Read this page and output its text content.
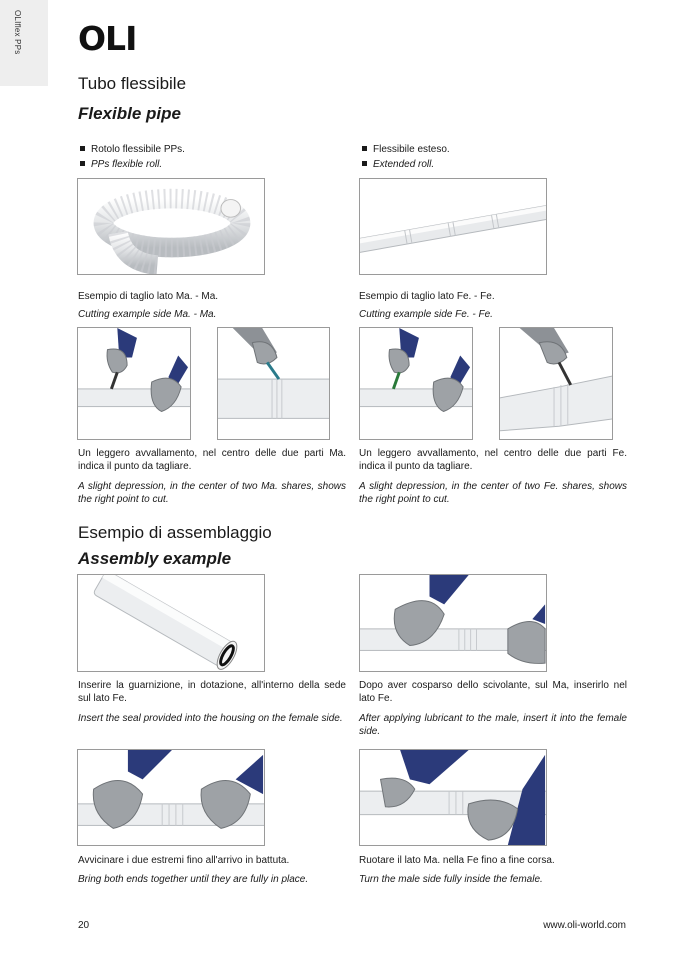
OLIflex PPs OLI
Tubo flessibile
Flexible pipe
Rotolo flessibile PPs.
PPs flexible roll.
Flessibile esteso.
Extended roll.
Esempio di taglio lato Ma. - Ma.
Cutting example side Ma. - Ma.
Esempio di taglio lato Fe. - Fe.
Cutting example side Fe. - Fe.
Un leggero avvallamento, nel centro delle due parti Ma. indica il punto da tagliare.
A slight depression, in the center of two Ma. shares, shows the right point to cut.
Un leggero avvallamento, nel centro delle due parti Fe. indica il punto da tagliare.
A slight depression, in the center of two Fe. shares, shows the right point to cut.
Esempio di assemblaggio
Assembly example
Inserire la guarnizione, in dotazione, all'interno della sede sul lato Fe.
Insert the seal provided into the housing on the female side.
Dopo aver cosparso dello scivolante, sul Ma, inserirlo nel lato Fe.
After applying lubricant to the male, insert it into the female side.
Avvicinare i due estremi fino all'arrivo in battuta.
Bring both ends together until they are fully in place.
Ruotare il lato Ma. nella Fe fino a fine corsa.
Turn the male side fully inside the female.
20	www.oli-world.com
